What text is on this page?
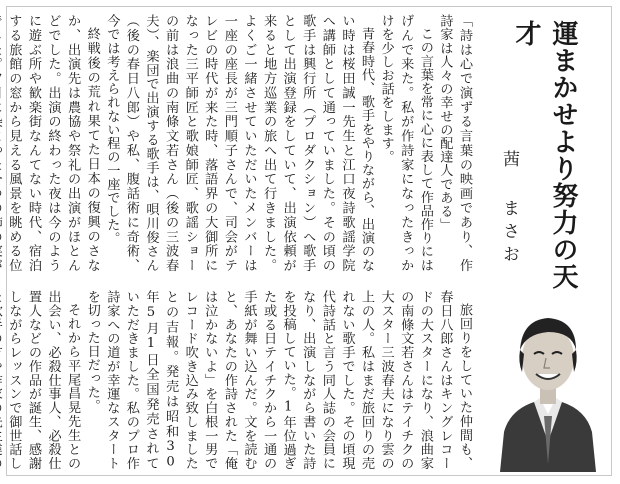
運まかせより努力の天才
茜 まさお

「詩は心で演ずる言葉の映画であり、作詩家は人々の幸せの配達人である」

この言葉を常に心に表して作品作りにはげんで来た。私が作詩家になったきっかけを少しお話をします。

青春時代、歌手をやりながら、出演のない時は桜田誠一先生と江口夜詩歌謡学院へ講師として通っていました。その頃の歌手は興行所（プロダクション）へ歌手として出演登録をしていて、出演依頼が来ると地方巡業の旅へ出て行きました。よくご一緒させていただいたメンバーは一座の座長が三門順子さんで、司会がテレビの時代が来た時、落語界の大御所になった三平師匠と歌娘師匠、歌謡ショーの前は浪曲の南條文若さん（後の三波春夫）、楽団で出演する歌手は、唄川俊さん（後の春日八郎）や私、腹話術に奇術、今では考えられない程の一座でした。

終戦後の荒れ果てた日本の復興のさなか、出演先は農協や祭礼の出演がほとんどでした。出演の終わった夜は今のように遊ぶ所や歓楽街なんてない時代、宿泊する旅館の窓から見える風景を眺める位

旅回りをしていた仲間も、春日八郎さんはキングレコードの大スターになり、浪曲家の南條文若さんはテイチクの大スター三波春夫になり雲の上の人。私はまだ旅回りの売れない歌手でした。その頃現代詩話と言う同人誌の会員になり、出演しながら書いた詩を投稿していた。1年位過ぎた或る日テイチクから一通の手紙が舞い込んだ。文を読むと、あなたの作詩された「俺は泣かないよ」を白根一男でレコード吹き込み致しましたとの吉報。発売は昭和30年5月1日全国発売されていただきました。私のプロ作詩家への道が幸運なスタートを切った日だった。

それから平尾昌晃先生との出会い、必殺仕事人、必殺仕置人などの作品が誕生、感謝しながらレッスンで御世話し
